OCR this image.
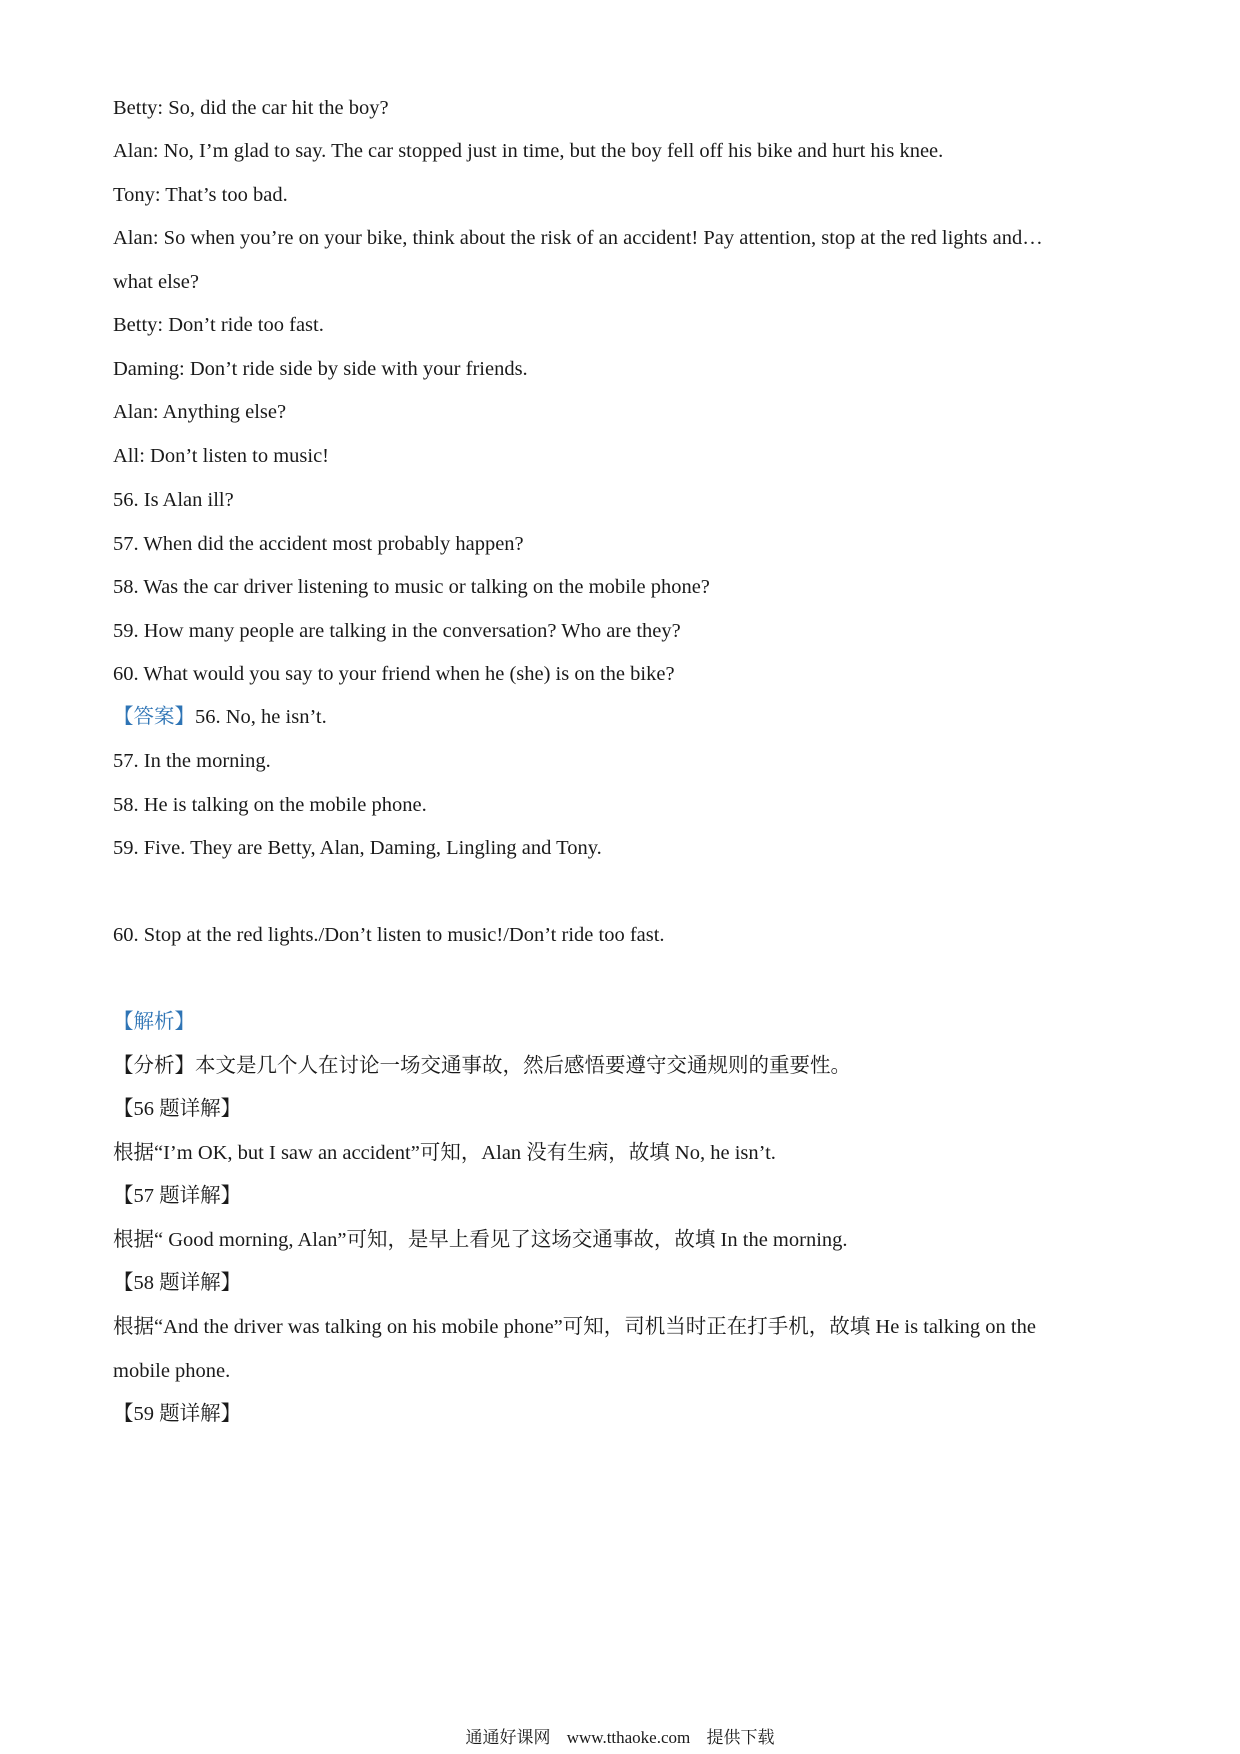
Betty: So, did the car hit the boy?

Alan: No, I’m glad to say. The car stopped just in time, but the boy fell off his bike and hurt his knee.

Tony: That’s too bad.

Alan: So when you’re on your bike, think about the risk of an accident! Pay attention, stop at the red lights and…

what else?

Betty: Don’t ride too fast.

Daming: Don’t ride side by side with your friends.

Alan: Anything else?

All: Don’t listen to music!

56. Is Alan ill?

57. When did the accident most probably happen?

58. Was the car driver listening to music or talking on the mobile phone?

59. How many people are talking in the conversation? Who are they?

60. What would you say to your friend when he (she) is on the bike?

【答案】56. No, he isn’t.

57. In the morning.

58. He is talking on the mobile phone.

59. Five. They are Betty, Alan, Daming, Lingling and Tony.

60. Stop at the red lights./Don’t listen to music!/Don’t ride too fast.

【解析】

【分析】本文是几个人在讨论一场交通事故，然后感悟要遵守交通规则的重要性。

【56 题详解】

根据“I’m OK, but I saw an accident”可知，Alan 没有生病，故填 No, he isn’t.

【57 题详解】

根据“ Good morning, Alan”可知，是早上看见了这场交通事故，故填 In the morning.

【58 题详解】

根据“And the driver was talking on his mobile phone”可知，司机当时正在打手机，故填 He is talking on the

mobile phone.

【59 题详解】

通通好课网 www.tthaoke.com 提供下载
